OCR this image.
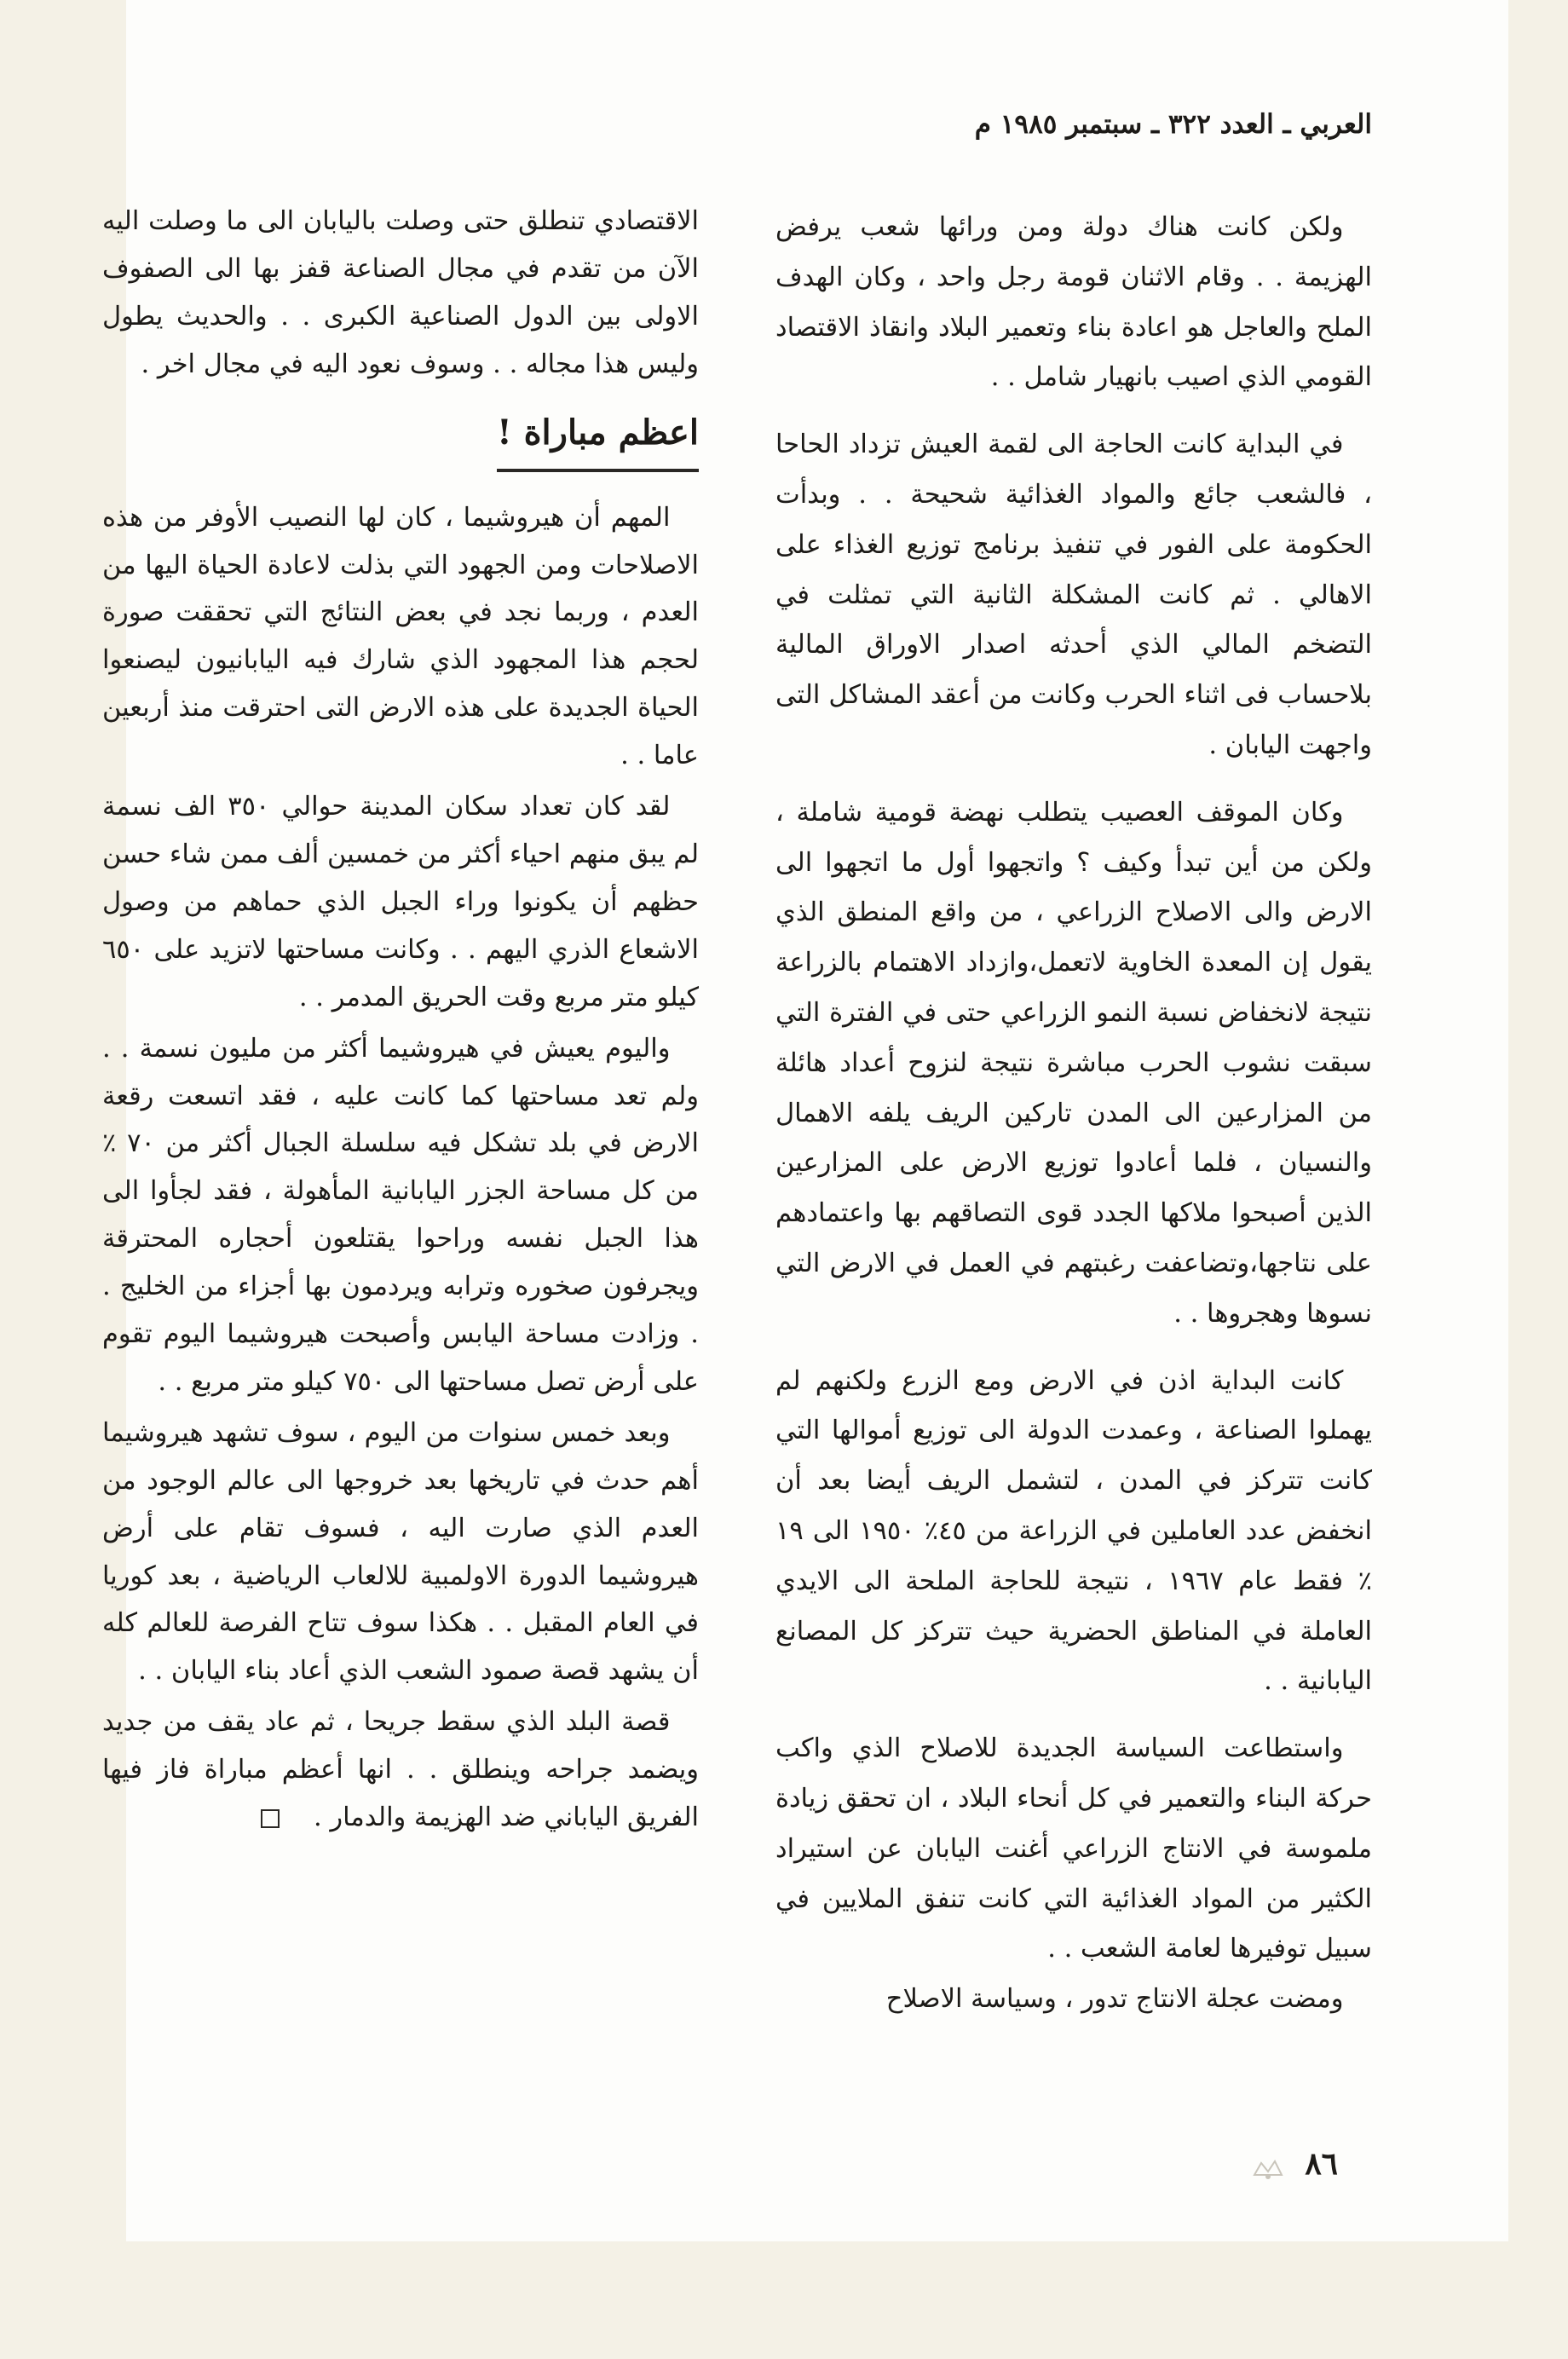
العربي ـ العدد ٣٢٢ ـ سبتمبر ١٩٨٥ م

ولكن كانت هناك دولة ومن ورائها شعب يرفض الهزيمة . . وقام الاثنان قومة رجل واحد ، وكان الهدف الملح والعاجل هو اعادة بناء وتعمير البلاد وانقاذ الاقتصاد القومي الذي اصيب بانهيار شامل . .

في البداية كانت الحاجة الى لقمة العيش تزداد الحاحا ، فالشعب جائع والمواد الغذائية شحيحة . . وبدأت الحكومة على الفور في تنفيذ برنامج توزيع الغذاء على الاهالي . ثم كانت المشكلة الثانية التي تمثلت في التضخم المالي الذي أحدثه اصدار الاوراق المالية بلاحساب فى اثناء الحرب وكانت من أعقد المشاكل التى واجهت اليابان .

وكان الموقف العصيب يتطلب نهضة قومية شاملة ، ولكن من أين تبدأ وكيف ؟ واتجهوا أول ما اتجهوا الى الارض والى الاصلاح الزراعي ، من واقع المنطق الذي يقول إن المعدة الخاوية لاتعمل،وازداد الاهتمام بالزراعة نتيجة لانخفاض نسبة النمو الزراعي حتى في الفترة التي سبقت نشوب الحرب مباشرة نتيجة لنزوح أعداد هائلة من المزارعين الى المدن تاركين الريف يلفه الاهمال والنسيان ، فلما أعادوا توزيع الارض على المزارعين الذين أصبحوا ملاكها الجدد قوى التصاقهم بها واعتمادهم على نتاجها،وتضاعفت رغبتهم في العمل في الارض التي نسوها وهجروها . .

كانت البداية اذن في الارض ومع الزرع ولكنهم لم يهملوا الصناعة ، وعمدت الدولة الى توزيع أموالها التي كانت تتركز في المدن ، لتشمل الريف أيضا بعد أن انخفض عدد العاملين في الزراعة من ٤٥٪ ١٩٥٠ الى ١٩ ٪ فقط عام ١٩٦٧ ، نتيجة للحاجة الملحة الى الايدي العاملة في المناطق الحضرية حيث تتركز كل المصانع اليابانية . .

واستطاعت السياسة الجديدة للاصلاح الذي واكب حركة البناء والتعمير في كل أنحاء البلاد ، ان تحقق زيادة ملموسة في الانتاج الزراعي أغنت اليابان عن استيراد الكثير من المواد الغذائية التي كانت تنفق الملايين في سبيل توفيرها لعامة الشعب . .

ومضت عجلة الانتاج تدور ، وسياسة الاصلاح

الاقتصادي تنطلق حتى وصلت باليابان الى ما وصلت اليه الآن من تقدم في مجال الصناعة قفز بها الى الصفوف الاولى بين الدول الصناعية الكبرى . . والحديث يطول وليس هذا مجاله . . وسوف نعود اليه في مجال اخر .

اعظم مباراة !

المهم أن هيروشيما ، كان لها النصيب الأوفر من هذه الاصلاحات ومن الجهود التي بذلت لاعادة الحياة اليها من العدم ، وربما نجد في بعض النتائج التي تحققت صورة لحجم هذا المجهود الذي شارك فيه اليابانيون ليصنعوا الحياة الجديدة على هذه الارض التى احترقت منذ أربعين عاما . .

لقد كان تعداد سكان المدينة حوالي ٣٥٠ الف نسمة لم يبق منهم احياء أكثر من خمسين ألف ممن شاء حسن حظهم أن يكونوا وراء الجبل الذي حماهم من وصول الاشعاع الذري اليهم . . وكانت مساحتها لاتزيد على ٦٥٠ كيلو متر مربع وقت الحريق المدمر . .

واليوم يعيش في هيروشيما أكثر من مليون نسمة . . ولم تعد مساحتها كما كانت عليه ، فقد اتسعت رقعة الارض في بلد تشكل فيه سلسلة الجبال أكثر من ٧٠ ٪ من كل مساحة الجزر اليابانية المأهولة ، فقد لجأوا الى هذا الجبل نفسه وراحوا يقتلعون أحجاره المحترقة ويجرفون صخوره وترابه ويردمون بها أجزاء من الخليج . . وزادت مساحة اليابس وأصبحت هيروشيما اليوم تقوم على أرض تصل مساحتها الى ٧٥٠ كيلو متر مربع . .

وبعد خمس سنوات من اليوم ، سوف تشهد هيروشيما أهم حدث في تاريخها بعد خروجها الى عالم الوجود من العدم الذي صارت اليه ، فسوف تقام على أرض هيروشيما الدورة الاولمبية للالعاب الرياضية ، بعد كوريا في العام المقبل . . هكذا سوف تتاح الفرصة للعالم كله أن يشهد قصة صمود الشعب الذي أعاد بناء اليابان . .

قصة البلد الذي سقط جريحا ، ثم عاد يقف من جديد ويضمد جراحه وينطلق . . انها أعظم مباراة فاز فيها الفريق الياباني ضد الهزيمة والدمار .

٨٦
